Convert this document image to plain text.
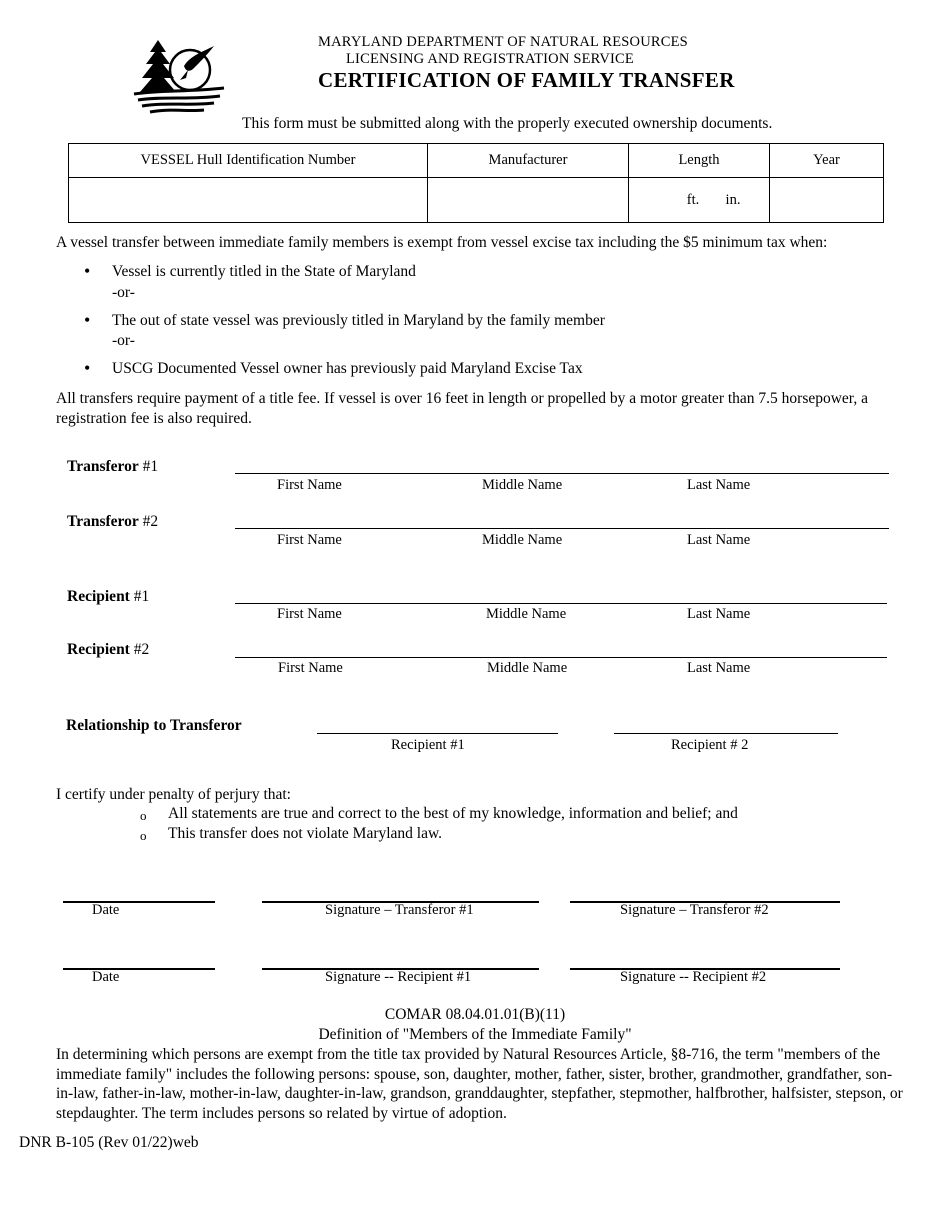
MARYLAND DEPARTMENT OF NATURAL RESOURCES
LICENSING AND REGISTRATION SERVICE
CERTIFICATION OF FAMILY TRANSFER
This form must be submitted along with the properly executed ownership documents.
VESSEL Hull Identification Number	Manufacturer	Length	Year
		ft. in.	
A vessel transfer between immediate family members is exempt from vessel excise tax including the $5 minimum tax when:
• Vessel is currently titled in the State of Maryland
-or-
• The out of state vessel was previously titled in Maryland by the family member
-or-
• USCG Documented Vessel owner has previously paid Maryland Excise Tax
All transfers require payment of a title fee. If vessel is over 16 feet in length or propelled by a motor greater than 7.5 horsepower, a registration fee is also required.
Transferor #1
First Name	Middle Name	Last Name
Transferor #2
First Name	Middle Name	Last Name
Recipient #1
First Name	Middle Name	Last Name
Recipient #2
First Name	Middle Name	Last Name
Relationship to Transferor
Recipient #1	Recipient # 2
I certify under penalty of perjury that:
o All statements are true and correct to the best of my knowledge, information and belief; and
o This transfer does not violate Maryland law.
Date	Signature – Transferor #1	Signature – Transferor #2
Date	Signature -- Recipient #1	Signature -- Recipient #2
COMAR 08.04.01.01(B)(11)
Definition of "Members of the Immediate Family"
In determining which persons are exempt from the title tax provided by Natural Resources Article, §8-716, the term "members of the immediate family" includes the following persons: spouse, son, daughter, mother, father, sister, brother, grandmother, grandfather, son-in-law, father-in-law, mother-in-law, daughter-in-law, grandson, granddaughter, stepfather, stepmother, halfbrother, halfsister, stepson, or stepdaughter. The term includes persons so related by virtue of adoption.
DNR B-105 (Rev 01/22)web
